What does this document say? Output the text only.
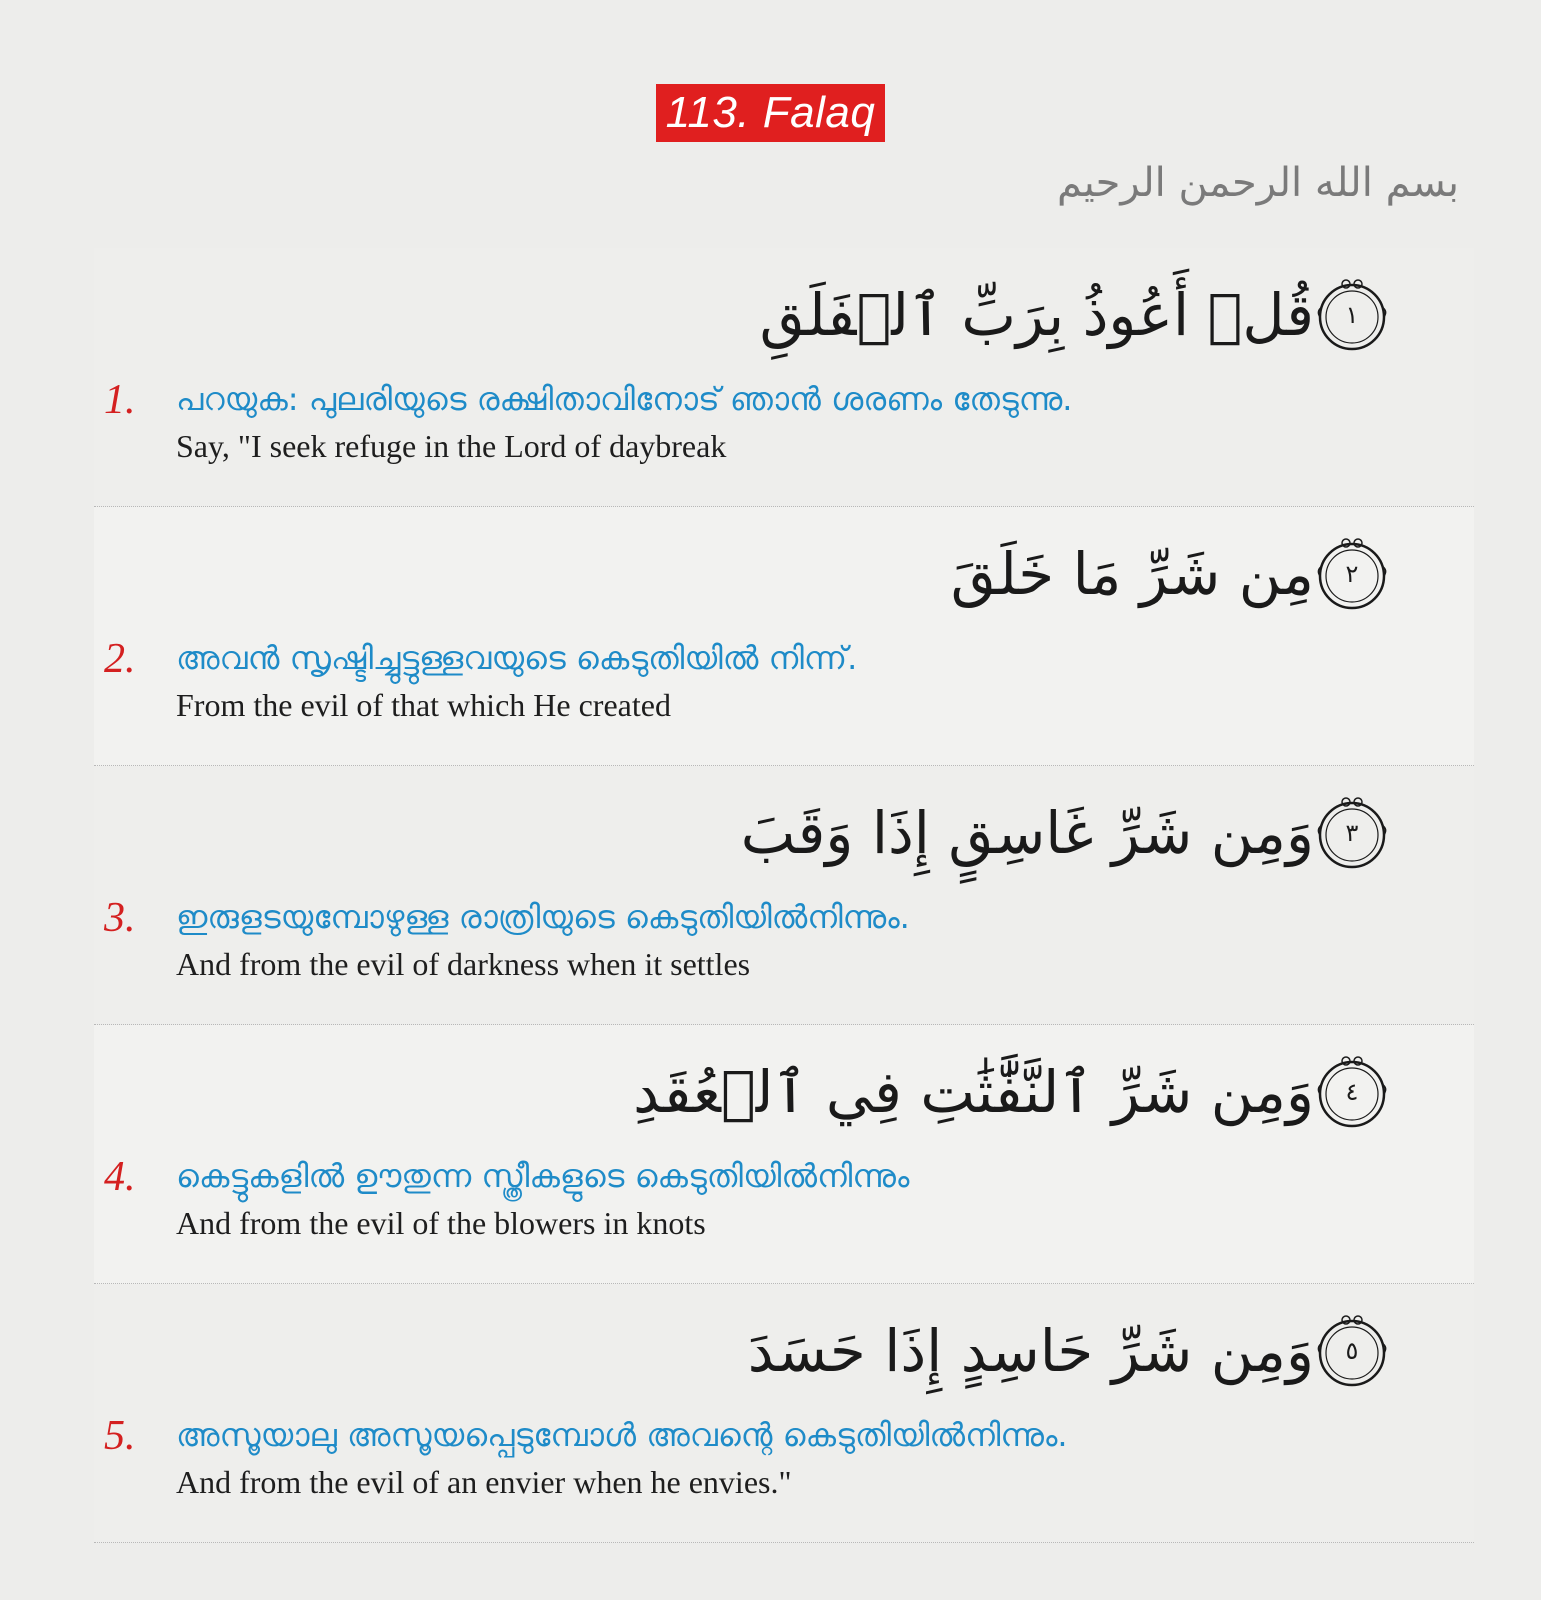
113. Falaq
بسم الله الرحمن الرحيم
قُلۡ أَعُوذُ بِرَبِّ ٱلۡفَلَقِ	١
1. പറയുക: പുലരിയുടെ രക്ഷിതാവിനോട് ഞാന്‍ ശരണം തേടുന്നു.
Say, "I seek refuge in the Lord of daybreak
مِن شَرِّ مَا خَلَقَ	٢
2. അവന്‍ സൃഷ്ടിച്ചുട്ടുള്ളവയുടെ കെടുതിയില്‍ നിന്ന്.
From the evil of that which He created
وَمِن شَرِّ غَاسِقٍ إِذَا وَقَبَ	٣
3. ഇരുളടയുമ്പോഴുള്ള രാത്രിയുടെ കെടുതിയില്‍നിന്നും.
And from the evil of darkness when it settles
وَمِن شَرِّ ٱلنَّفَّٰثَٰتِ فِي ٱلۡعُقَدِ	٤
4. കെട്ടുകളില്‍ ഊതുന്ന സ്ത്രീകളുടെ കെടുതിയില്‍നിന്നും
And from the evil of the blowers in knots
وَمِن شَرِّ حَاسِدٍ إِذَا حَسَدَ	٥
5. അസൂയാലു അസൂയപ്പെടുമ്പോള്‍ അവന്റെ കെടുതിയില്‍നിന്നും.
And from the evil of an envier when he envies."
